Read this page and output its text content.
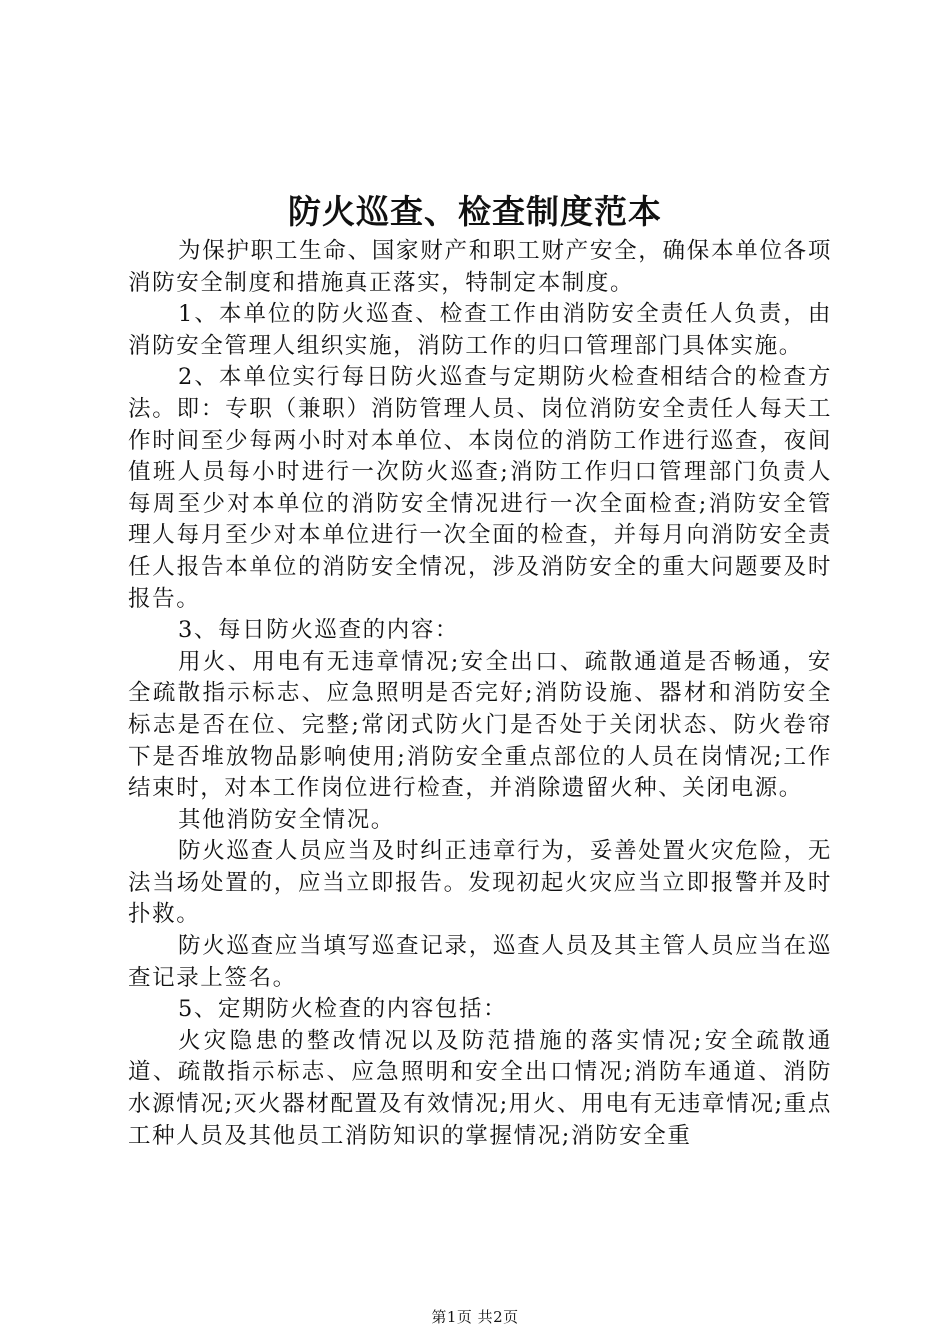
防火巡查、检查制度范本

为保护职工生命、国家财产和职工财产安全，确保本单位各项消防安全制度和措施真正落实，特制定本制度。

1、本单位的防火巡查、检查工作由消防安全责任人负责，由消防安全管理人组织实施，消防工作的归口管理部门具体实施。

2、本单位实行每日防火巡查与定期防火检查相结合的检查方法。即：专职（兼职）消防管理人员、岗位消防安全责任人每天工作时间至少每两小时对本单位、本岗位的消防工作进行巡查，夜间值班人员每小时进行一次防火巡查;消防工作归口管理部门负责人每周至少对本单位的消防安全情况进行一次全面检查;消防安全管理人每月至少对本单位进行一次全面的检查，并每月向消防安全责任人报告本单位的消防安全情况，涉及消防安全的重大问题要及时报告。

3、每日防火巡查的内容：

用火、用电有无违章情况;安全出口、疏散通道是否畅通，安全疏散指示标志、应急照明是否完好;消防设施、器材和消防安全标志是否在位、完整;常闭式防火门是否处于关闭状态、防火卷帘下是否堆放物品影响使用;消防安全重点部位的人员在岗情况;工作结束时，对本工作岗位进行检查，并消除遗留火种、关闭电源。

其他消防安全情况。

防火巡查人员应当及时纠正违章行为，妥善处置火灾危险，无法当场处置的，应当立即报告。发现初起火灾应当立即报警并及时扑救。

防火巡查应当填写巡查记录，巡查人员及其主管人员应当在巡查记录上签名。

5、定期防火检查的内容包括：

火灾隐患的整改情况以及防范措施的落实情况;安全疏散通道、疏散指示标志、应急照明和安全出口情况;消防车通道、消防水源情况;灭火器材配置及有效情况;用火、用电有无违章情况;重点工种人员及其他员工消防知识的掌握情况;消防安全重

第1页 共2页
